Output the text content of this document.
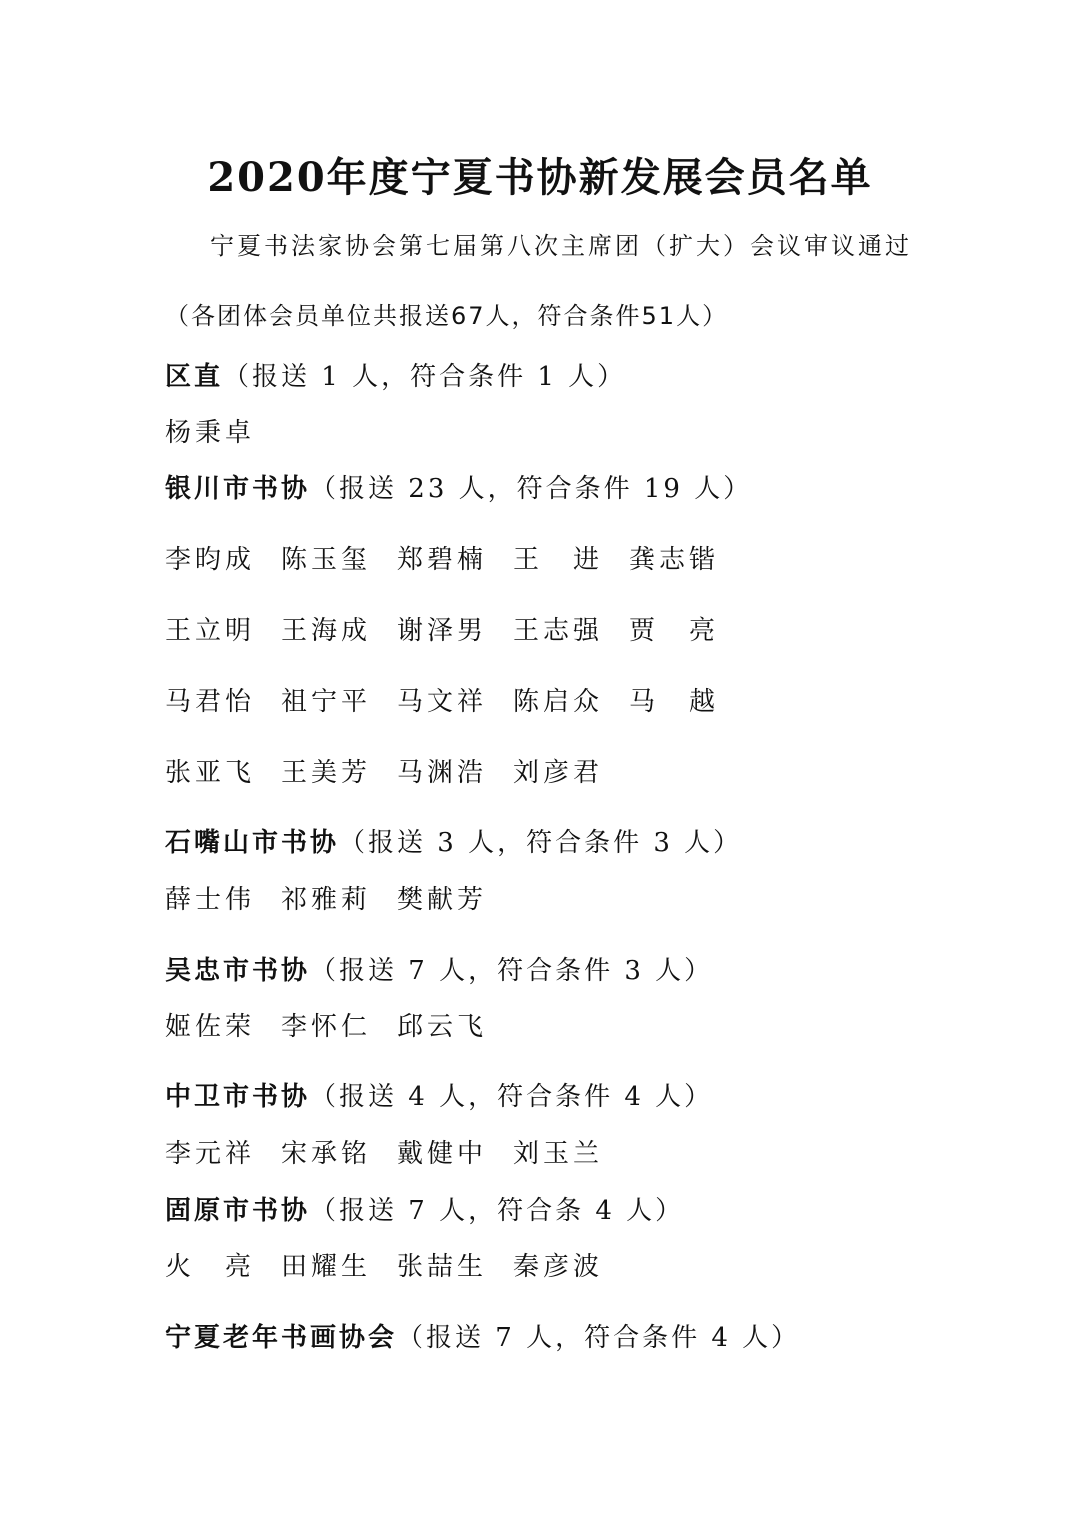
2020年度宁夏书协新发展会员名单

宁夏书法家协会第七届第八次主席团（扩大）会议审议通过

（各团体会员单位共报送67人，符合条件51人）

区直（报送 1 人，符合条件 1 人）

杨秉卓

银川市书协（报送 23 人，符合条件 19 人）

李昀成 陈玉玺 郑碧楠 王　进 龚志锴
王立明 王海成 谢泽男 王志强 贾　亮
马君怡 祖宁平 马文祥 陈启众 马　越
张亚飞 王美芳 马渊浩 刘彦君

石嘴山市书协（报送 3 人，符合条件 3 人）

薛士伟 祁雅莉 樊献芳

吴忠市书协（报送 7 人，符合条件 3 人）

姬佐荣 李怀仁 邱云飞

中卫市书协（报送 4 人，符合条件 4 人）

李元祥 宋承铭 戴健中 刘玉兰

固原市书协（报送 7 人，符合条 4 人）

火　亮 田耀生 张喆生 秦彦波

宁夏老年书画协会（报送 7 人，符合条件 4 人）
